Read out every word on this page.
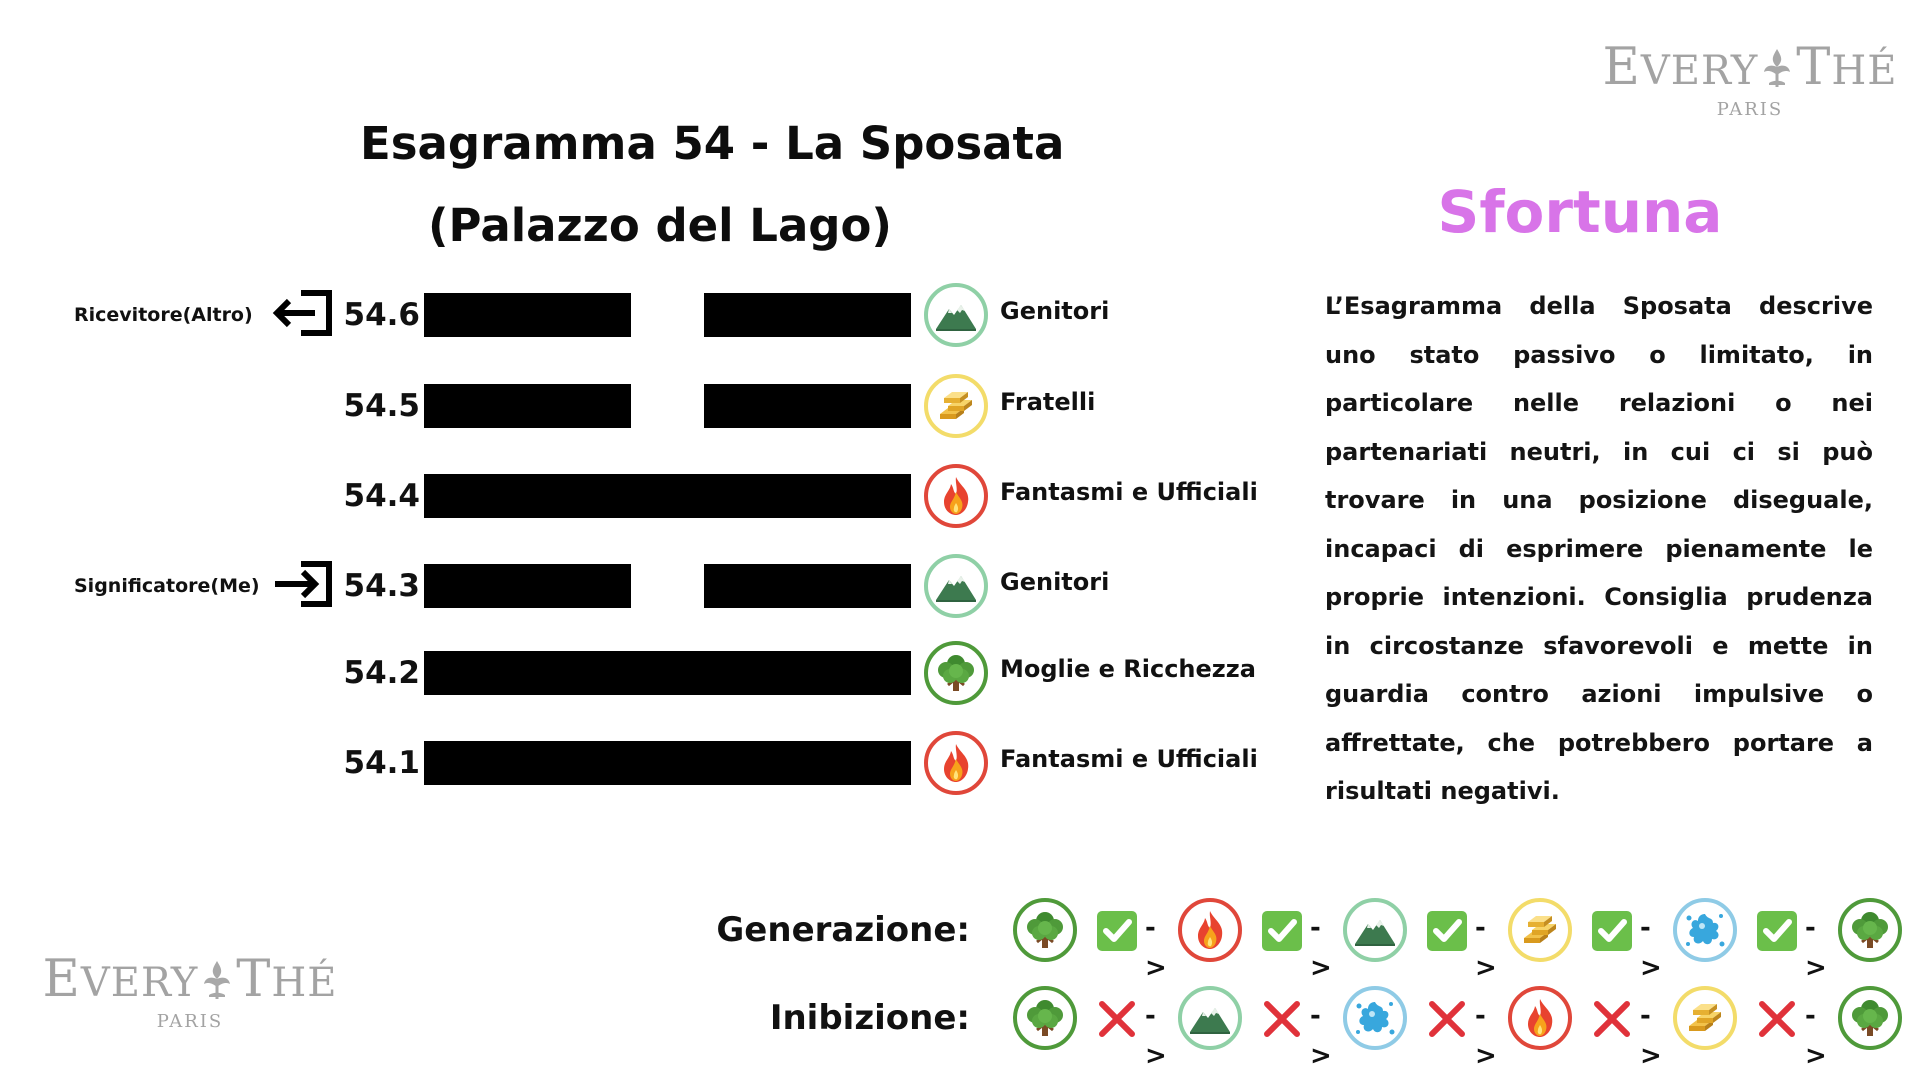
EVERY THÉ
PARIS
EVERY THÉ
PARIS
Esagramma 54 - La Sposata
(Palazzo del Lago)
54.6	Genitori
Ricevitore(Altro)
54.5	Fratelli
54.4	Fantasmi e Ufficiali
54.3	Genitori
Significatore(Me)
54.2	Moglie e Ricchezza
54.1	Fantasmi e Ufficiali
Sfortuna
L’Esagramma della Sposata descrive uno stato passivo o limitato, in particolare nelle relazioni o nei partenariati neutri, in cui ci si può trovare in una posizione diseguale, incapaci di esprimere pienamente le proprie intenzioni. Consiglia prudenza in circostanze sfavorevoli e mette in guardia contro azioni impulsive o affrettate, che potrebbero portare a risultati negativi.
Generazione:	->
->
->
->
->
Inibizione:	->
->
->
->
->
